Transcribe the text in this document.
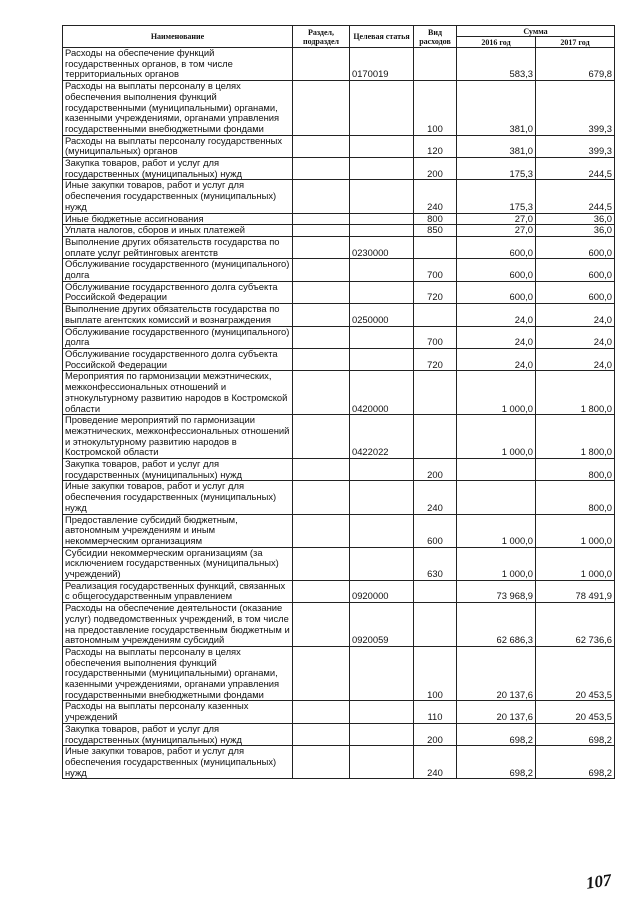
Наименование	Раздел, подраздел	Целевая статья	Вид расходов	Сумма	
				2016 год	2017 год
Расходы на обеспечение функций государственных органов, в том числе территориальных органов		0170019		583,3	679,8
Расходы на выплаты персоналу в целях обеспечения выполнения функций государственными (муниципальными) органами, казенными учреждениями, органами управления государственными внебюджетными фондами			100	381,0	399,3
Расходы на выплаты персоналу государственных (муниципальных) органов			120	381,0	399,3
Закупка товаров, работ и услуг для государственных (муниципальных) нужд			200	175,3	244,5
Иные закупки товаров, работ и услуг для обеспечения государственных (муниципальных) нужд			240	175,3	244,5
Иные бюджетные ассигнования			800	27,0	36,0
Уплата налогов, сборов и иных платежей			850	27,0	36,0
Выполнение других обязательств государства по оплате услуг рейтинговых агентств		0230000		600,0	600,0
Обслуживание государственного (муниципального) долга			700	600,0	600,0
Обслуживание государственного долга субъекта Российской Федерации			720	600,0	600,0
Выполнение других обязательств государства по выплате агентских комиссий и вознаграждения		0250000		24,0	24,0
Обслуживание государственного (муниципального) долга			700	24,0	24,0
Обслуживание государственного долга субъекта Российской Федерации			720	24,0	24,0
Мероприятия по гармонизации межэтнических, межконфессиональных отношений и этнокультурному развитию народов в Костромской области		0420000		1 000,0	1 800,0
Проведение мероприятий по гармонизации межэтнических, межконфессиональных отношений и этнокультурному развитию народов в Костромской области		0422022		1 000,0	1 800,0
Закупка товаров, работ и услуг для государственных (муниципальных) нужд			200		800,0
Иные закупки товаров, работ и услуг для обеспечения государственных (муниципальных) нужд			240		800,0
Предоставление субсидий бюджетным, автономным учреждениям и иным некоммерческим организациям			600	1 000,0	1 000,0
Субсидии некоммерческим организациям (за исключением государственных (муниципальных) учреждений)			630	1 000,0	1 000,0
Реализация государственных функций, связанных с общегосударственным управлением		0920000		73 968,9	78 491,9
Расходы на обеспечение деятельности (оказание услуг) подведомственных учреждений, в том числе на предоставление государственным бюджетным и автономным учреждениям субсидий		0920059		62 686,3	62 736,6
Расходы на выплаты персоналу в целях обеспечения выполнения функций государственными (муниципальными) органами, казенными учреждениями, органами управления государственными внебюджетными фондами			100	20 137,6	20 453,5
Расходы на выплаты персоналу казенных учреждений			110	20 137,6	20 453,5
Закупка товаров, работ и услуг для государственных (муниципальных) нужд			200	698,2	698,2
Иные закупки товаров, работ и услуг для обеспечения государственных (муниципальных) нужд			240	698,2	698,2
107
